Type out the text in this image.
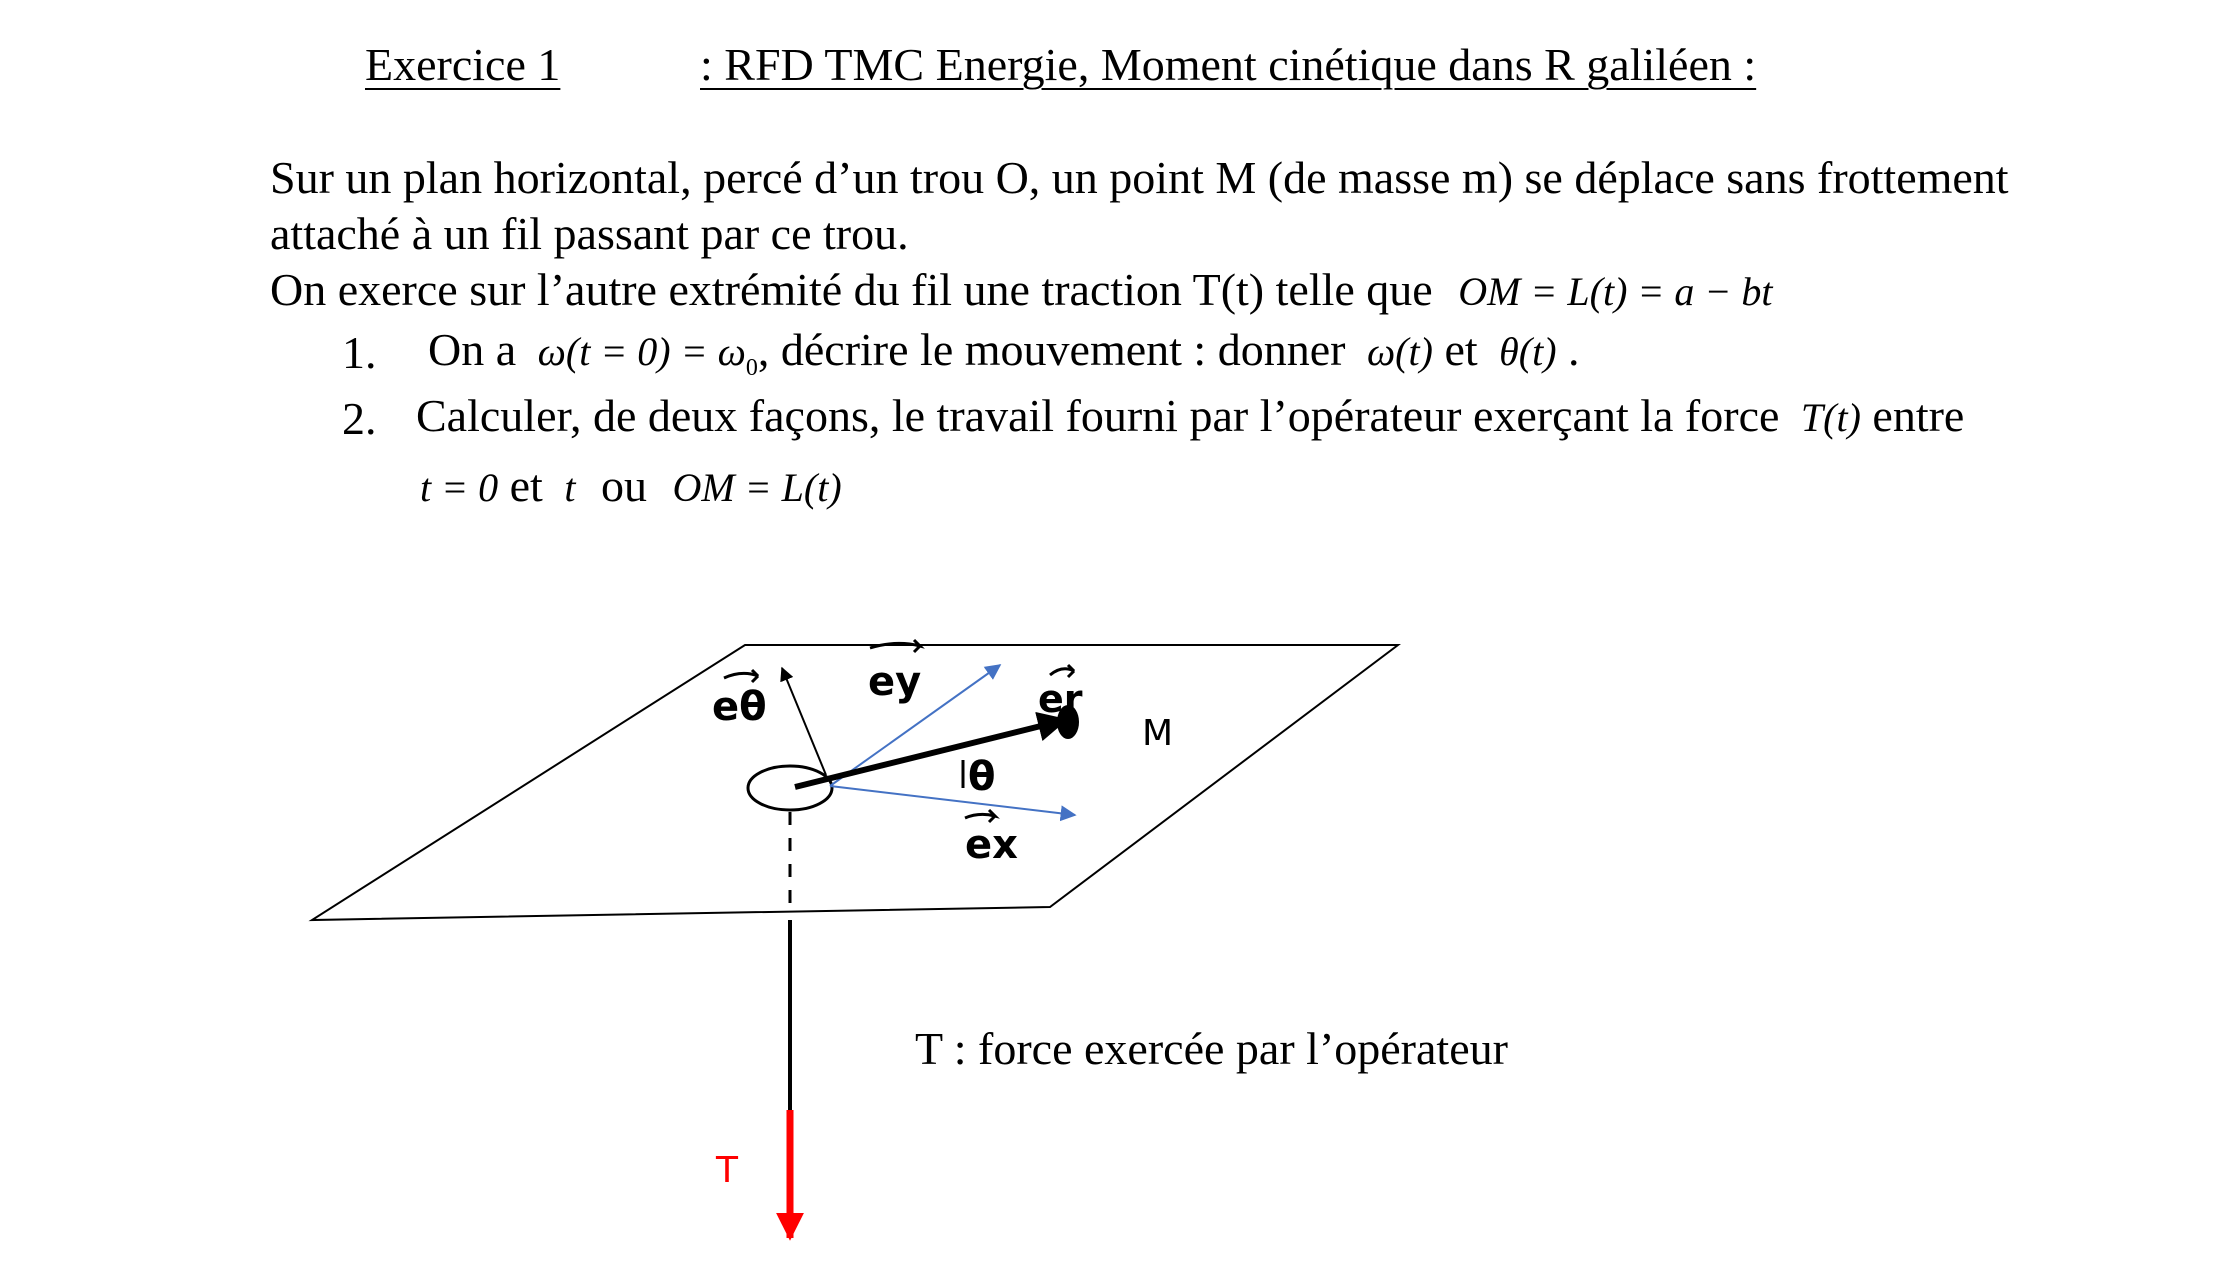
Exercice 1	: RFD TMC Energie, Moment cinétique dans R galiléen :
Sur un plan horizontal, percé d’un trou O, un point M (de masse m) se déplace sans frottement
attaché à un fil passant par ce trou.
On exerce sur l’autre extrémité du fil une traction T(t) telle que OM = L(t) = a − bt
1. On a $\omega(t = 0) = \omega_0$, décrire le mouvement : donner ω(t) et θ(t) .
2. Calculer, de deux façons, le travail fourni par l’opérateur exerçant la force T(t) entre
t = 0 et t ou OM = L(t)
eθ
ey	er
ex
θ
M
T
T : force exercée par l’opérateur
